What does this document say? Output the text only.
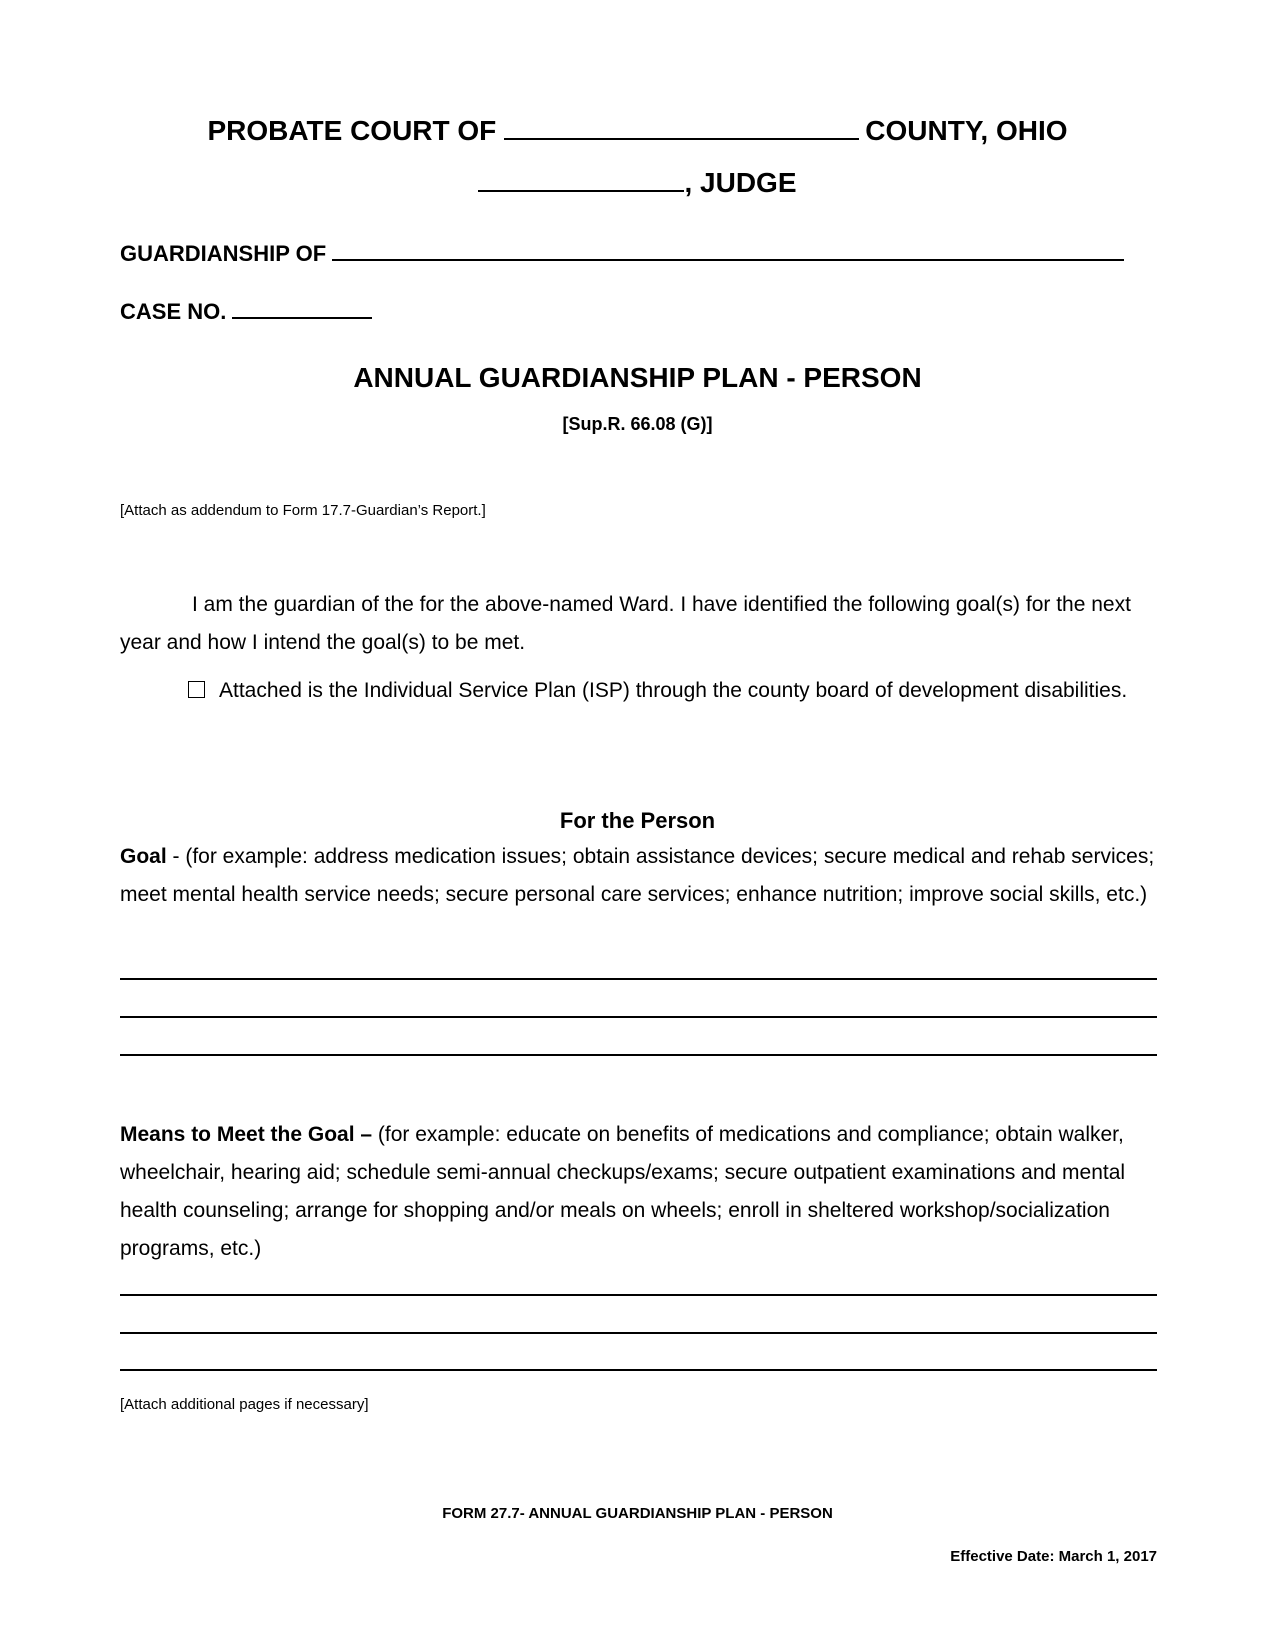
PROBATE COURT OF	COUNTY, OHIO
, JUDGE
GUARDIANSHIP OF
CASE NO.
ANNUAL GUARDIANSHIP PLAN - PERSON
[Sup.R. 66.08 (G)]
[Attach as addendum to Form 17.7-Guardian’s Report.]
I am the guardian of the for the above-named Ward. I have identified the following goal(s) for the next year and how I intend the goal(s) to be met.
Attached is the Individual Service Plan (ISP) through the county board of development disabilities.
For the Person
Goal - (for example: address medication issues; obtain assistance devices; secure medical and rehab services; meet mental health service needs; secure personal care services; enhance nutrition; improve social skills, etc.)
Means to Meet the Goal – (for example: educate on benefits of medications and compliance; obtain walker, wheelchair, hearing aid; schedule semi-annual checkups/exams; secure outpatient examinations and mental health counseling; arrange for shopping and/or meals on wheels; enroll in sheltered workshop/socialization programs, etc.)
[Attach additional pages if necessary]
FORM 27.7- ANNUAL GUARDIANSHIP PLAN - PERSON
Effective Date: March 1, 2017
